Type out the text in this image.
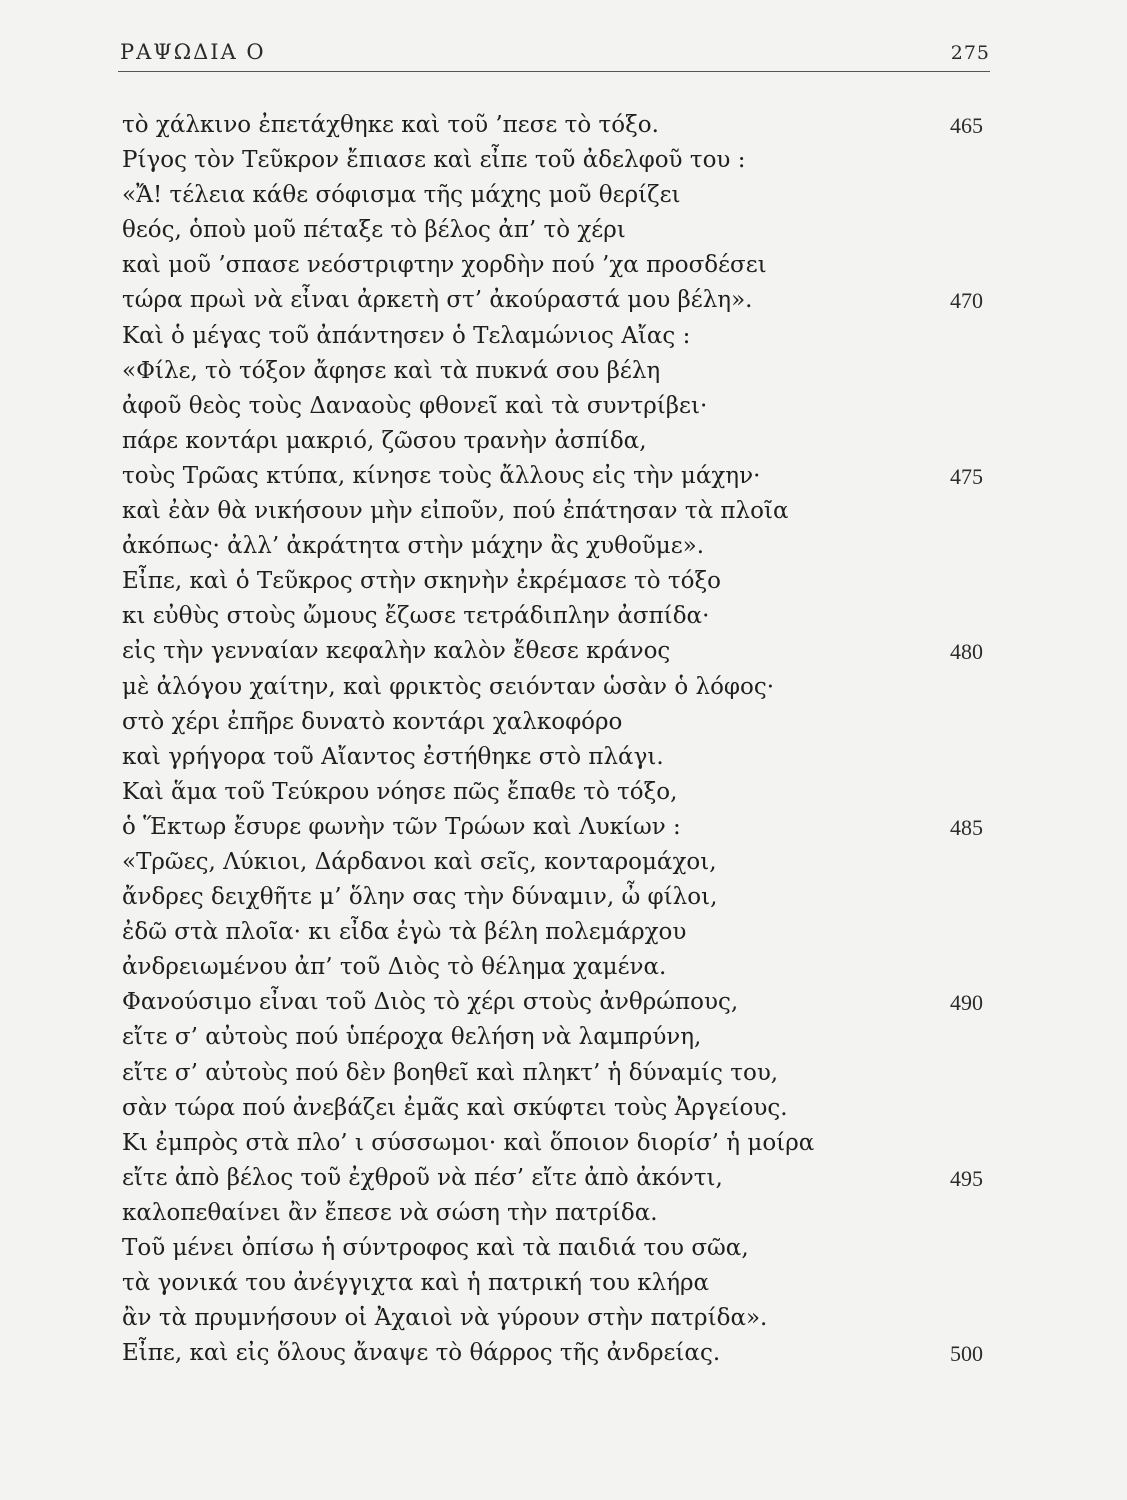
ΡΑΨΩΔΙΑ Ο	275
τὸ χάλκινο ἐπετάχθηκε καὶ τοῦ ’πεσε τὸ τόξο.	465
Ρίγος τὸν Τεῦκρον ἔπιασε καὶ εἶπε τοῦ ἀδελφοῦ του :
«Ἄ! τέλεια κάθε σόφισμα τῆς μάχης μοῦ θερίζει
θεός, ὁποὺ μοῦ πέταξε τὸ βέλος ἀπ’ τὸ χέρι
καὶ μοῦ ’σπασε νεόστριφτην χορδὴν πού ’χα προσδέσει
τώρα πρωὶ νὰ εἶναι ἀρκετὴ στ’ ἀκούραστά μου βέλη».	470
Καὶ ὁ μέγας τοῦ ἀπάντησεν ὁ Τελαμώνιος Αἴας :
«Φίλε, τὸ τόξον ἄφησε καὶ τὰ πυκνά σου βέλη
ἀφοῦ θεὸς τοὺς Δαναοὺς φθονεῖ καὶ τὰ συντρίβει·
πάρε κοντάρι μακριό, ζῶσου τρανὴν ἀσπίδα,
τοὺς Τρῶας κτύπα, κίνησε τοὺς ἄλλους εἰς τὴν μάχην·	475
καὶ ἐὰν θὰ νικήσουν μὴν εἰποῦν, πού ἐπάτησαν τὰ πλοῖα
ἀκόπως· ἀλλ’ ἀκράτητα στὴν μάχην ἂς χυθοῦμε».
Εἶπε, καὶ ὁ Τεῦκρος στὴν σκηνὴν ἐκρέμασε τὸ τόξο
κι εὐθὺς στοὺς ὤμους ἔζωσε τετράδιπλην ἀσπίδα·
εἰς τὴν γενναίαν κεφαλὴν καλὸν ἔθεσε κράνος	480
μὲ ἀλόγου χαίτην, καὶ φρικτὸς σειόνταν ὡσὰν ὁ λόφος·
στὸ χέρι ἐπῆρε δυνατὸ κοντάρι χαλκοφόρο
καὶ γρήγορα τοῦ Αἴαντος ἐστήθηκε στὸ πλάγι.
Καὶ ἅμα τοῦ Τεύκρου νόησε πῶς ἔπαθε τὸ τόξο,
ὁ Ἕκτωρ ἔσυρε φωνὴν τῶν Τρώων καὶ Λυκίων :	485
«Τρῶες, Λύκιοι, Δάρδανοι καὶ σεῖς, κονταρομάχοι,
ἄνδρες δειχθῆτε μ’ ὅλην σας τὴν δύναμιν, ὦ φίλοι,
ἐδῶ στὰ πλοῖα· κι εἶδα ἐγὼ τὰ βέλη πολεμάρχου
ἀνδρειωμένου ἀπ’ τοῦ Διὸς τὸ θέλημα χαμένα.
Φανούσιμο εἶναι τοῦ Διὸς τὸ χέρι στοὺς ἀνθρώπους,	490
εἴτε σ’ αὐτοὺς πού ὑπέροχα θελήση νὰ λαμπρύνη,
εἴτε σ’ αὐτοὺς πού δὲν βοηθεῖ καὶ πληκτ’ ἡ δύναμίς του,
σὰν τώρα πού ἀνεβάζει ἐμᾶς καὶ σκύφτει τοὺς Ἀργείους.
Κι ἐμπρὸς στὰ πλο’ ι σύσσωμοι· καὶ ὅποιον διορίσ’ ἡ μοίρα
εἴτε ἀπὸ βέλος τοῦ ἐχθροῦ νὰ πέσ’ εἴτε ἀπὸ ἀκόντι,	495
καλοπεθαίνει ἂν ἔπεσε νὰ σώση τὴν πατρίδα.
Τοῦ μένει ὀπίσω ἡ σύντροφος καὶ τὰ παιδιά του σῶα,
τὰ γονικά του ἀνέγγιχτα καὶ ἡ πατρική του κλήρα
ἂν τὰ πρυμνήσουν οἱ Ἀχαιοὶ νὰ γύρουν στὴν πατρίδα».
Εἶπε, καὶ εἰς ὅλους ἄναψε τὸ θάρρος τῆς ἀνδρείας.	500
